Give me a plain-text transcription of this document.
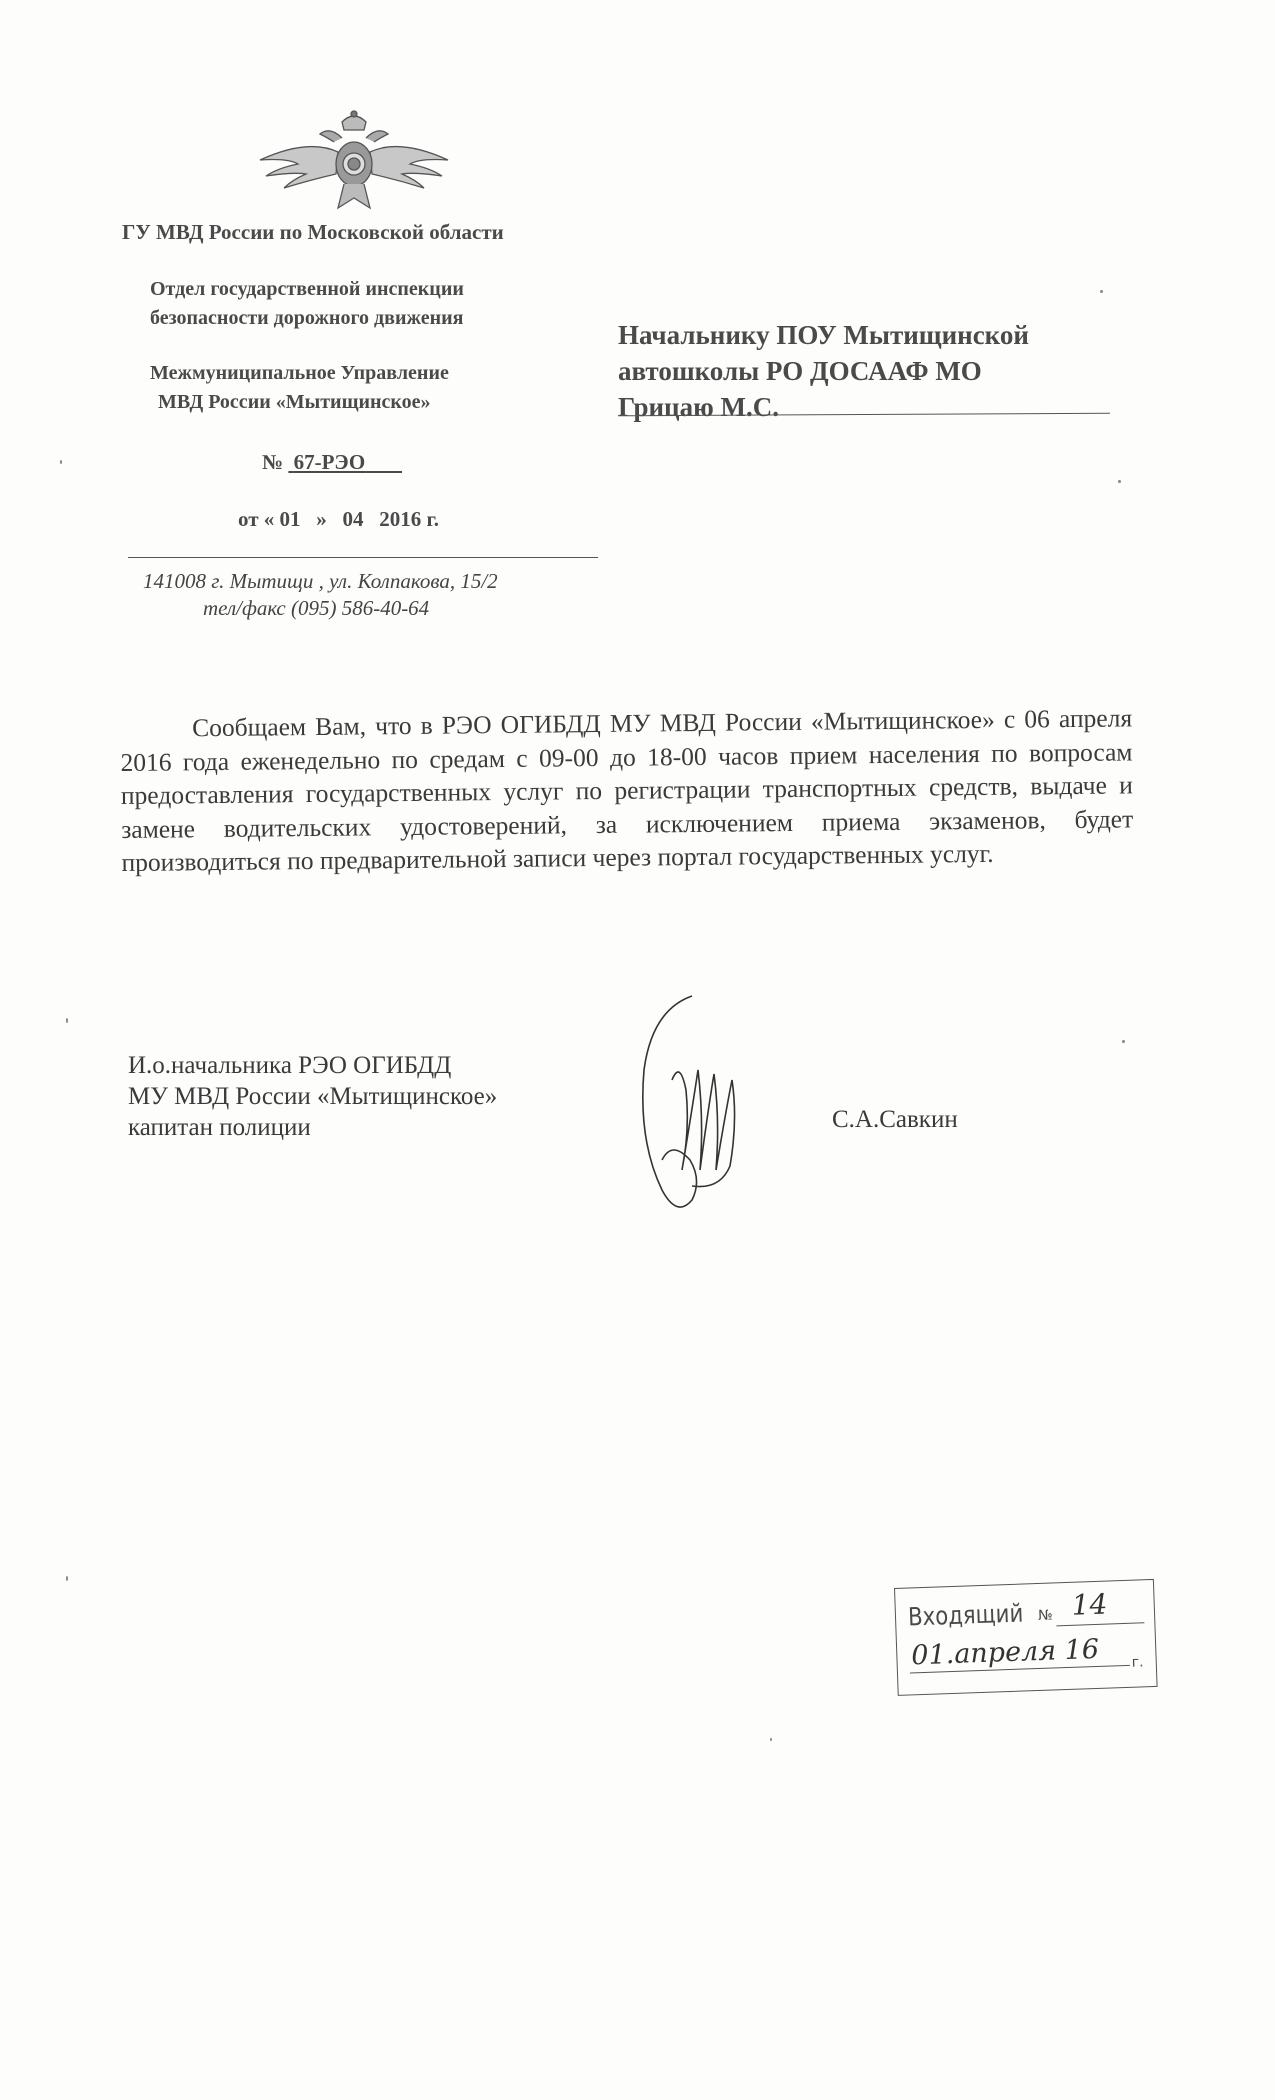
ГУ МВД России по Московской области
Отдел государственной инспекции
безопасности дорожного движения
Межмуниципальное Управление
МВД России «Мытищинское»
№ 67-РЭО
от « 01 » 04 2016 г.
141008 г. Мытищи , ул. Колпакова, 15/2
тел/факс (095) 586-40-64
Начальнику ПОУ Мытищинской
автошколы РО ДОСААФ МО
Грицаю М.С.

Сообщаем Вам, что в РЭО ОГИБДД МУ МВД России «Мытищинское» с 06 апреля 2016 года еженедельно по средам с 09-00 до 18-00 часов прием населения по вопросам предоставления государственных услуг по регистрации транспортных средств, выдаче и замене водительских удостоверений, за исключением приема экзаменов, будет производиться по предварительной записи через портал государственных услуг.

И.о.начальника РЭО ОГИБДД
МУ МВД России «Мытищинское»
капитан полиции	С.А.Савкин
Входящий № 14
01.апреля 16 г.
